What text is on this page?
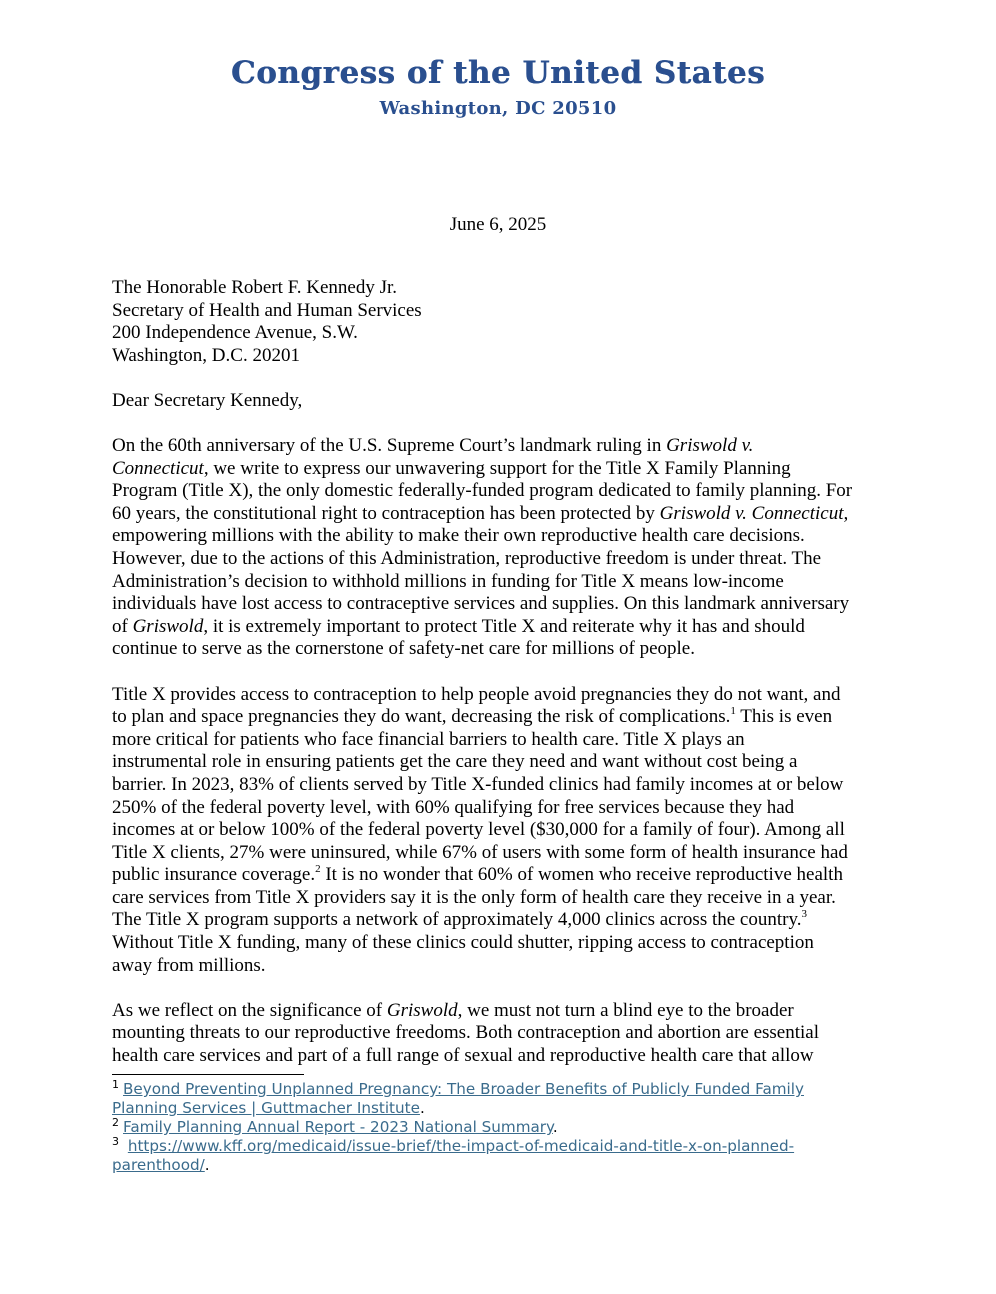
Congress of the United States
Washington, DC 20510
June 6, 2025
The Honorable Robert F. Kennedy Jr.
Secretary of Health and Human Services
200 Independence Avenue, S.W.
Washington, D.C. 20201
Dear Secretary Kennedy,

On the 60th anniversary of the U.S. Supreme Court’s landmark ruling in Griswold v.
Connecticut, we write to express our unwavering support for the Title X Family Planning
Program (Title X), the only domestic federally-funded program dedicated to family planning. For
60 years, the constitutional right to contraception has been protected by Griswold v. Connecticut,
empowering millions with the ability to make their own reproductive health care decisions.
However, due to the actions of this Administration, reproductive freedom is under threat. The
Administration’s decision to withhold millions in funding for Title X means low-income
individuals have lost access to contraceptive services and supplies. On this landmark anniversary
of Griswold, it is extremely important to protect Title X and reiterate why it has and should
continue to serve as the cornerstone of safety-net care for millions of people.

Title X provides access to contraception to help people avoid pregnancies they do not want, and
to plan and space pregnancies they do want, decreasing the risk of complications.$^1$ This is even
more critical for patients who face financial barriers to health care. Title X plays an
instrumental role in ensuring patients get the care they need and want without cost being a
barrier. In 2023, 83% of clients served by Title X-funded clinics had family incomes at or below
250% of the federal poverty level, with 60% qualifying for free services because they had
incomes at or below 100% of the federal poverty level ($30,000 for a family of four). Among all
Title X clients, 27% were uninsured, while 67% of users with some form of health insurance had
public insurance coverage.$^2$ It is no wonder that 60% of women who receive reproductive health
care services from Title X providers say it is the only form of health care they receive in a year.
The Title X program supports a network of approximately 4,000 clinics across the country.$^3$
Without Title X funding, many of these clinics could shutter, ripping access to contraception
away from millions.

As we reflect on the significance of Griswold, we must not turn a blind eye to the broader
mounting threats to our reproductive freedoms. Both contraception and abortion are essential
health care services and part of a full range of sexual and reproductive health care that allow

$^1$ Beyond Preventing Unplanned Pregnancy: The Broader Benefits of Publicly Funded Family
Planning Services | Guttmacher Institute.
$^2$ Family Planning Annual Report - 2023 National Summary.
$^3$ https://www.kff.org/medicaid/issue-brief/the-impact-of-medicaid-and-title-x-on-planned-
parenthood/.
